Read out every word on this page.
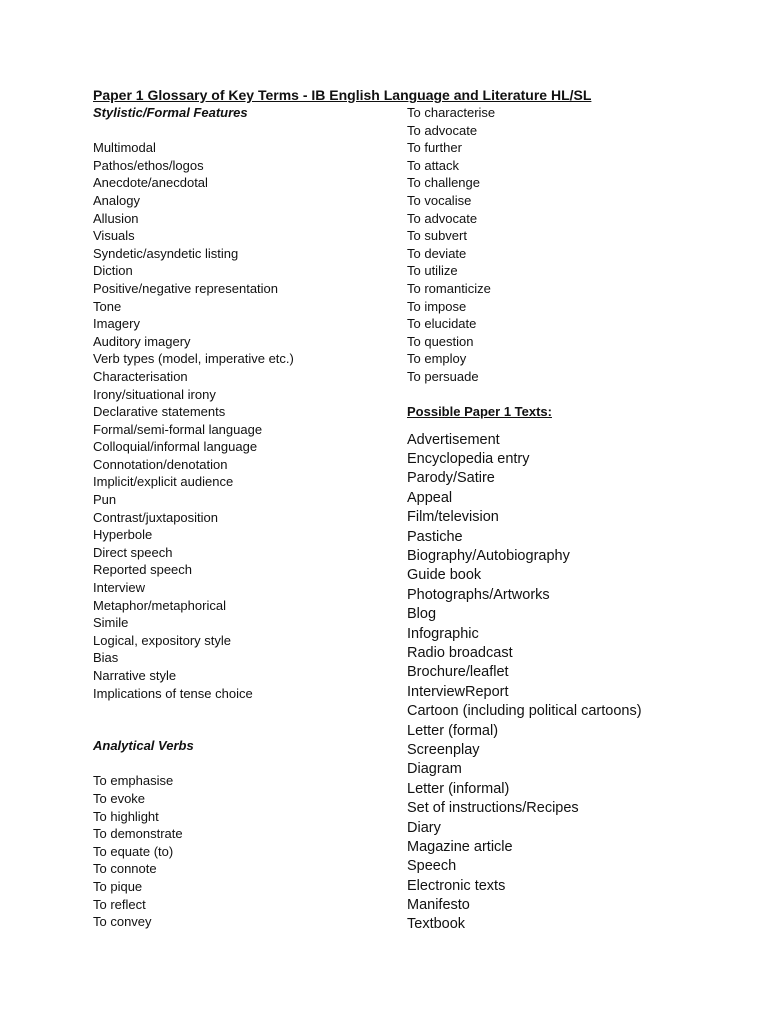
Paper 1 Glossary of Key Terms - IB English Language and Literature HL/SL
Stylistic/Formal Features
Multimodal
Pathos/ethos/logos
Anecdote/anecdotal
Analogy
Allusion
Visuals
Syndetic/asyndetic listing
Diction
Positive/negative representation
Tone
Imagery
Auditory imagery
Verb types (model, imperative etc.)
Characterisation
Irony/situational irony
Declarative statements
Formal/semi-formal language
Colloquial/informal language
Connotation/denotation
Implicit/explicit audience
Pun
Contrast/juxtaposition
Hyperbole
Direct speech
Reported speech
Interview
Metaphor/metaphorical
Simile
Logical, expository style
Bias
Narrative style
Implications of tense choice
Analytical Verbs
To emphasise
To evoke
To highlight
To demonstrate
To equate (to)
To connote
To pique
To reflect
To convey
To characterise
To advocate
To further
To attack
To challenge
To vocalise
To advocate
To subvert
To deviate
To utilize
To romanticize
To impose
To elucidate
To question
To employ
To persuade
Possible Paper 1 Texts:
Advertisement
Encyclopedia entry
Parody/Satire
Appeal
Film/television
Pastiche
Biography/Autobiography
Guide book
Photographs/Artworks
Blog
Infographic
Radio broadcast
Brochure/leaflet
InterviewReport
Cartoon (including political cartoons)
Letter (formal)
Screenplay
Diagram
Letter (informal)
Set of instructions/Recipes
Diary
Magazine article
Speech
Electronic texts
Manifesto
Textbook
